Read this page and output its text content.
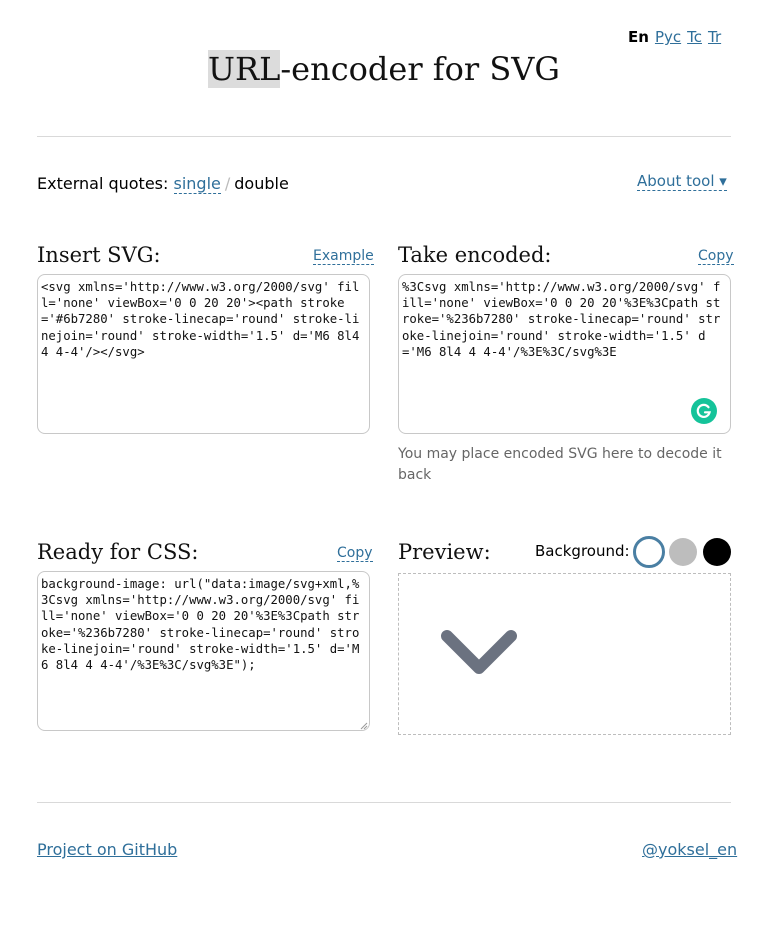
En Рус Tc Tr
URL-encoder for SVG
External quotes: single / double	About tool ▾
Insert SVG:	Example
<svg xmlns='http://www.w3.org/2000/svg' fill='none' viewBox='0 0 20 20'><path stroke='#6b7280' stroke-linecap='round' stroke-linejoin='round' stroke-width='1.5' d='M6 8l4 4 4-4'/></svg>
Take encoded:	Copy
%3Csvg xmlns='http://www.w3.org/2000/svg' fill='none' viewBox='0 0 20 20'%3E%3Cpath stroke='%236b7280' stroke-linecap='round' stroke-linejoin='round' stroke-width='1.5' d='M6 8l4 4 4-4'/%3E%3C/svg%3E
You may place encoded SVG here to decode it back
Ready for CSS:	Copy
background-image: url("data:image/svg+xml,%3Csvg xmlns='http://www.w3.org/2000/svg' fill='none' viewBox='0 0 20 20'%3E%3Cpath stroke='%236b7280' stroke-linecap='round' stroke-linejoin='round' stroke-width='1.5' d='M6 8l4 4 4-4'/%3E%3C/svg%3E");
Preview:	Background:
Project on GitHub	@yoksel_en
